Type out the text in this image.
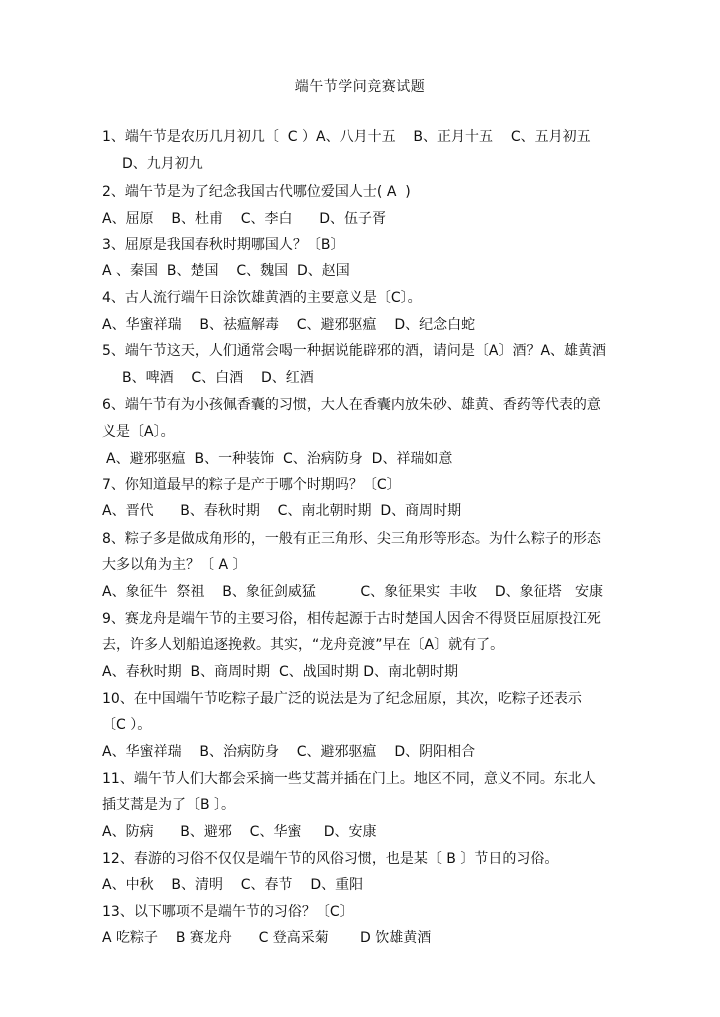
端午节学问竞赛试题
1、端午节是农历几月初几〔  C ）A、八月十五    B、正月十五    C、五月初五
D、九月初九
2、端午节是为了纪念我国古代哪位爱国人士( A  )
A、屈原    B、杜甫    C、李白      D、伍子胥
3、屈原是我国春秋时期哪国人？〔B〕
A 、秦国  B、楚国    C、魏国  D、赵国
4、古人流行端午日涂饮雄黄酒的主要意义是〔C〕。
A、华蜜祥瑞    B、祛瘟解毒    C、避邪驱瘟    D、纪念白蛇
5、端午节这天，人们通常会喝一种据说能辟邪的酒，请问是〔A〕酒？A、雄黄酒
B、啤酒    C、白酒    D、红酒
6、端午节有为小孩佩香囊的习惯，大人在香囊内放朱砂、雄黄、香药等代表的意
义是〔A〕。
A、避邪驱瘟  B、一种装饰  C、治病防身  D、祥瑞如意
7、你知道最早的粽子是产于哪个时期吗？〔C〕
A、晋代      B、春秋时期    C、南北朝时期  D、商周时期
8、粽子多是做成角形的，一般有正三角形、尖三角形等形态。为什么粽子的形态
大多以角为主？〔 A 〕
A、象征牛  祭祖    B、象征剑威猛          C、象征果实  丰收    D、象征塔   安康
9、赛龙舟是端午节的主要习俗，相传起源于古时楚国人因舍不得贤臣屈原投江死
去，许多人划船追逐挽救。其实，“龙舟竞渡”早在〔A〕就有了。
A、春秋时期  B、商周时期  C、战国时期 D、南北朝时期
10、在中国端午节吃粽子最广泛的说法是为了纪念屈原，其次，吃粽子还表示
〔C ）。
A、华蜜祥瑞    B、治病防身    C、避邪驱瘟    D、阴阳相合
11、端午节人们大都会采摘一些艾蒿并插在门上。地区不同，意义不同。东北人
插艾蒿是为了〔B 〕。
A、防病      B、避邪    C、华蜜     D、安康
12、春游的习俗不仅仅是端午节的风俗习惯，也是某〔 B 〕节日的习俗。
A、中秋    B、清明    C、春节    D、重阳
13、以下哪项不是端午节的习俗？〔C〕
A 吃粽子    B 赛龙舟      C 登高采菊       D 饮雄黄酒
